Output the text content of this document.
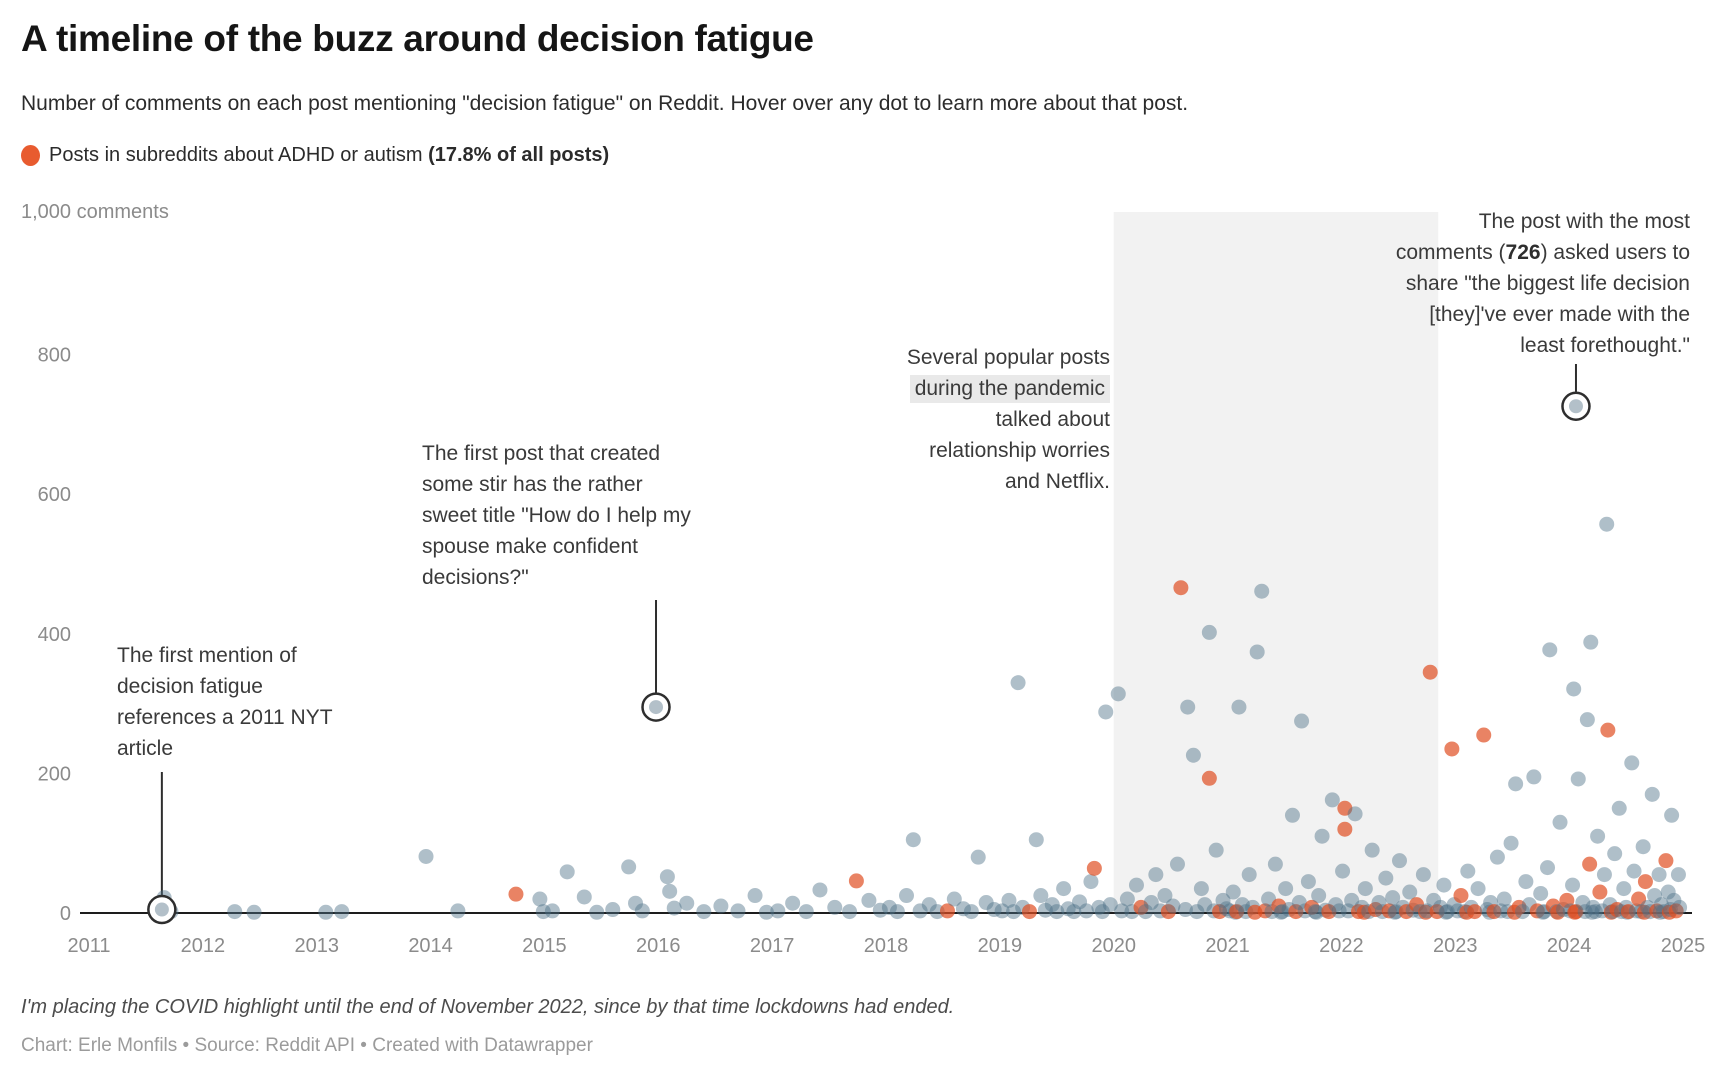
A timeline of the buzz around decision fatigue
Number of comments on each post mentioning "decision fatigue" on Reddit. Hover over any dot to learn more about that post.
Posts in subreddits about ADHD or autism (17.8% of all posts)
1,000 comments
800
600
400
200
0
2011	2012	2013	2014	2015	2016	2017	2018	2019	2020	2021	2022	2023	2024	2025
The first mention of
decision fatigue
references a 2011 NYT
article
The first post that created
some stir has the rather
sweet title "How do I help my
spouse make confident
decisions?"
Several popular posts
during the pandemic
talked about
relationship worries
and Netflix.
The post with the most
comments (726) asked users to
share "the biggest life decision
[they]'ve ever made with the
least forethought."
I'm placing the COVID highlight until the end of November 2022, since by that time lockdowns had ended.
Chart: Erle Monfils • Source: Reddit API • Created with Datawrapper
